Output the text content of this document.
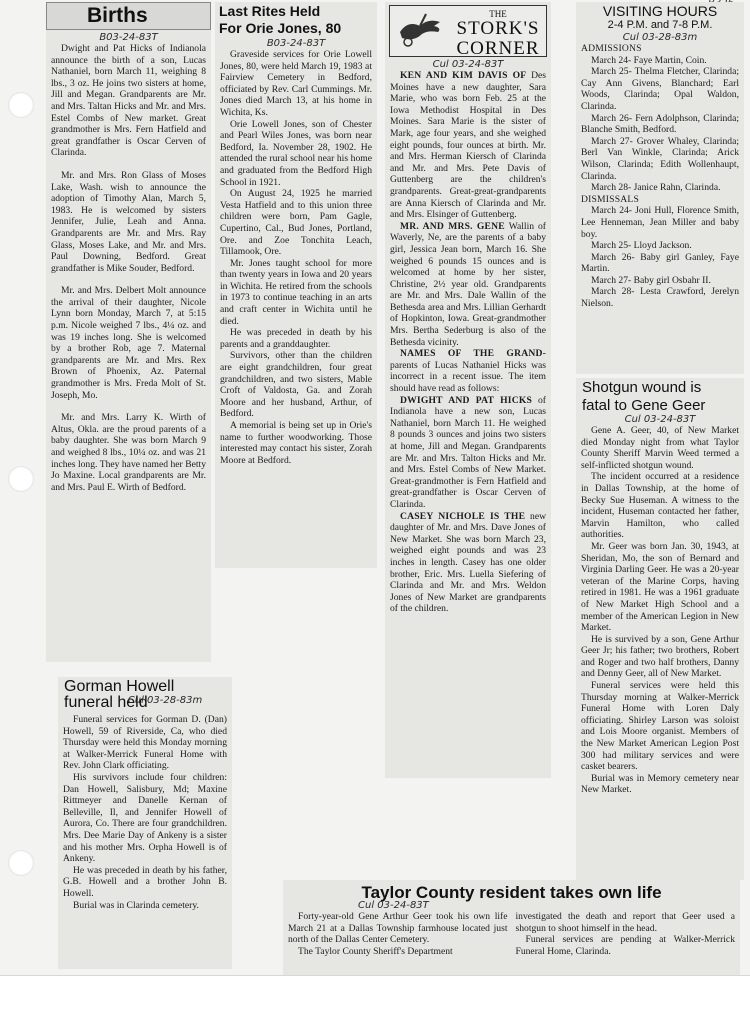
Births
B03-24-83T

Dwight and Pat Hicks of Indianola announce the birth of a son, Lucas Nathaniel, born March 11, weighing 8 lbs., 3 oz. He joins two sisters at home, Jill and Megan. Grandparents are Mr. and Mrs. Taltan Hicks and Mr. and Mrs. Estel Combs of New market. Great grandmother is Mrs. Fern Hatfield and great grandfather is Oscar Cerven of Clarinda.

Mr. and Mrs. Ron Glass of Moses Lake, Wash. wish to announce the adoption of Timothy Alan, March 5, 1983. He is welcomed by sisters Jennifer, Julie, Leah and Anna. Grandparents are Mr. and Mrs. Ray Glass, Moses Lake, and Mr. and Mrs. Paul Downing, Bedford. Great grandfather is Mike Souder, Bedford.

Mr. and Mrs. Delbert Molt announce the arrival of their daughter, Nicole Lynn born Monday, March 7, at 5:15 p.m. Nicole weighed 7 lbs., 4¼ oz. and was 19 inches long. She is welcomed by a brother Rob, age 7. Maternal grandparents are Mr. and Mrs. Rex Brown of Phoenix, Az. Paternal grandmother is Mrs. Freda Molt of St. Joseph, Mo.

Mr. and Mrs. Larry K. Wirth of Altus, Okla. are the proud parents of a baby daughter. She was born March 9 and weighed 8 lbs., 10¼ oz. and was 21 inches long. They have named her Betty Jo Maxine. Local grandparents are Mr. and Mrs. Paul E. Wirth of Bedford.

Last Rites Held
For Orie Jones, 80
B03-24-83T

Graveside services for Orie Lowell Jones, 80, were held March 19, 1983 at Fairview Cemetery in Bedford, officiated by Rev. Carl Cummings. Mr. Jones died March 13, at his home in Wichita, Ks.

Orie Lowell Jones, son of Chester and Pearl Wiles Jones, was born near Bedford, Ia. November 28, 1902. He attended the rural school near his home and graduated from the Bedford High School in 1921.

On August 24, 1925 he married Vesta Hatfield and to this union three children were born, Pam Gagle, Cupertino, Cal., Bud Jones, Portland, Ore. and Zoe Tonchita Leach, Tillamook, Ore.

Mr. Jones taught school for more than twenty years in Iowa and 20 years in Wichita. He retired from the schools in 1973 to continue teaching in an arts and craft center in Wichita until he died.

He was preceded in death by his parents and a granddaughter.

Survivors, other than the children are eight grandchildren, four great grandchildren, and two sisters, Mable Croft of Valdosta, Ga. and Zorah Moore and her husband, Arthur, of Bedford.

A memorial is being set up in Orie's name to further woodworking. Those interested may contact his sister, Zorah Moore at Bedford.

THE
STORK'S
CORNER
Cul 03-24-83T

KEN AND KIM DAVIS OF Des Moines have a new daughter, Sara Marie, who was born Feb. 25 at the Iowa Methodist Hospital in Des Moines. Sara Marie is the sister of Mark, age four years, and she weighed eight pounds, four ounces at birth. Mr. and Mrs. Herman Kiersch of Clarinda and Mr. and Mrs. Pete Davis of Guttenberg are the children's grandparents. Great-great-grandparents are Anna Kiersch of Clarinda and Mr. and Mrs. Elsinger of Guttenberg.

MR. AND MRS. GENE Wallin of Waverly, Ne, are the parents of a baby girl, Jessica Jean born, March 16. She weighed 6 pounds 15 ounces and is welcomed at home by her sister, Christine, 2½ year old. Grandparents are Mr. and Mrs. Dale Wallin of the Bethesda area and Mrs. Lillian Gerhardt of Hopkinton, Iowa. Great-grandmother Mrs. Bertha Sederburg is also of the Bethesda vicinity.

NAMES OF THE GRAND- parents of Lucas Nathaniel Hicks was incorrect in a recent issue. The item should have read as follows:

DWIGHT AND PAT HICKS of Indianola have a new son, Lucas Nathaniel, born March 11. He weighed 8 pounds 3 ounces and joins two sisters at home, Jill and Megan. Grandparents are Mr. and Mrs. Talton Hicks and Mr. and Mrs. Estel Combs of New Market. Great-grandmother is Fern Hatfield and great-grandfather is Oscar Cerven of Clarinda.

CASEY NICHOLE IS THE new daughter of Mr. and Mrs. Dave Jones of New Market. She was born March 23, weighed eight pounds and was 23 inches in length. Casey has one older brother, Eric. Mrs. Luella Siefering of Clarinda and Mr. and Mrs. Weldon Jones of New Market are grandparents of the children.

VISITING HOURS
2-4 P.M. and 7-8 P.M.
Cul 03-28-83m
ADMISSIONS

March 24- Faye Martin, Coin.

March 25- Thelma Fletcher, Clarinda; Cay Ann Givens, Blanchard; Earl Woods, Clarinda; Opal Waldon, Clarinda.

March 26- Fern Adolphson, Clarinda; Blanche Smith, Bedford.

March 27- Grover Whaley, Clarinda; Berl Van Winkle, Clarinda; Arick Wilson, Clarinda; Edith Wollenhaupt, Clarinda.

March 28- Janice Rahn, Clarinda.

DISMISSALS

March 24- Joni Hull, Florence Smith, Lee Henneman, Jean Miller and baby boy.

March 25- Lloyd Jackson.

March 26- Baby girl Ganley, Faye Martin.

March 27- Baby girl Osbahr II.

March 28- Lesta Crawford, Jerelyn Nielson.

Shotgun wound is
fatal to Gene Geer
Cul 03-24-83T

Gene A. Geer, 40, of New Market died Monday night from what Taylor County Sheriff Marvin Weed termed a self-inflicted shotgun wound.

The incident occurred at a residence in Dallas Township, at the home of Becky Sue Huseman. A witness to the incident, Huseman contacted her father, Marvin Hamilton, who called authorities.

Mr. Geer was born Jan. 30, 1943, at Sheridan, Mo, the son of Bernard and Virginia Darling Geer. He was a 20-year veteran of the Marine Corps, having retired in 1981. He was a 1961 graduate of New Market High School and a member of the American Legion in New Market.

He is survived by a son, Gene Arthur Geer Jr; his father; two brothers, Robert and Roger and two half brothers, Danny and Denny Geer, all of New Market.

Funeral services were held this Thursday morning at Walker-Merrick Funeral Home with Loren Daly officiating. Shirley Larson was soloist and Lois Moore organist. Members of the New Market American Legion Post 300 had military services and were casket bearers.

Burial was in Memory cemetery near New Market.

Gorman Howell
funeral held
Cul 03-28-83m

Funeral services for Gorman D. (Dan) Howell, 59 of Riverside, Ca, who died Thursday were held this Monday morning at Walker-Merrick Funeral Home with Rev. John Clark officiating.

His survivors include four children: Dan Howell, Salisbury, Md; Maxine Rittmeyer and Danelle Kernan of Belleville, Il, and Jennifer Howell of Aurora, Co. There are four grandchildren. Mrs. Dee Marie Day of Ankeny is a sister and his mother Mrs. Orpha Howell is of Ankeny.

He was preceded in death by his father, G.B. Howell and a brother John B. Howell.

Burial was in Clarinda cemetery.

Taylor County resident takes own life
Cul 03-24-83T

Forty-year-old Gene Arthur Geer took his own life March 21 at a Dallas Township farmhouse located just north of the Dallas Center Cemetery.

The Taylor County Sheriff's Department

investigated the death and report that Geer used a shotgun to shoot himself in the head.

Funeral services are pending at Walker-Merrick Funeral Home, Clarinda.
